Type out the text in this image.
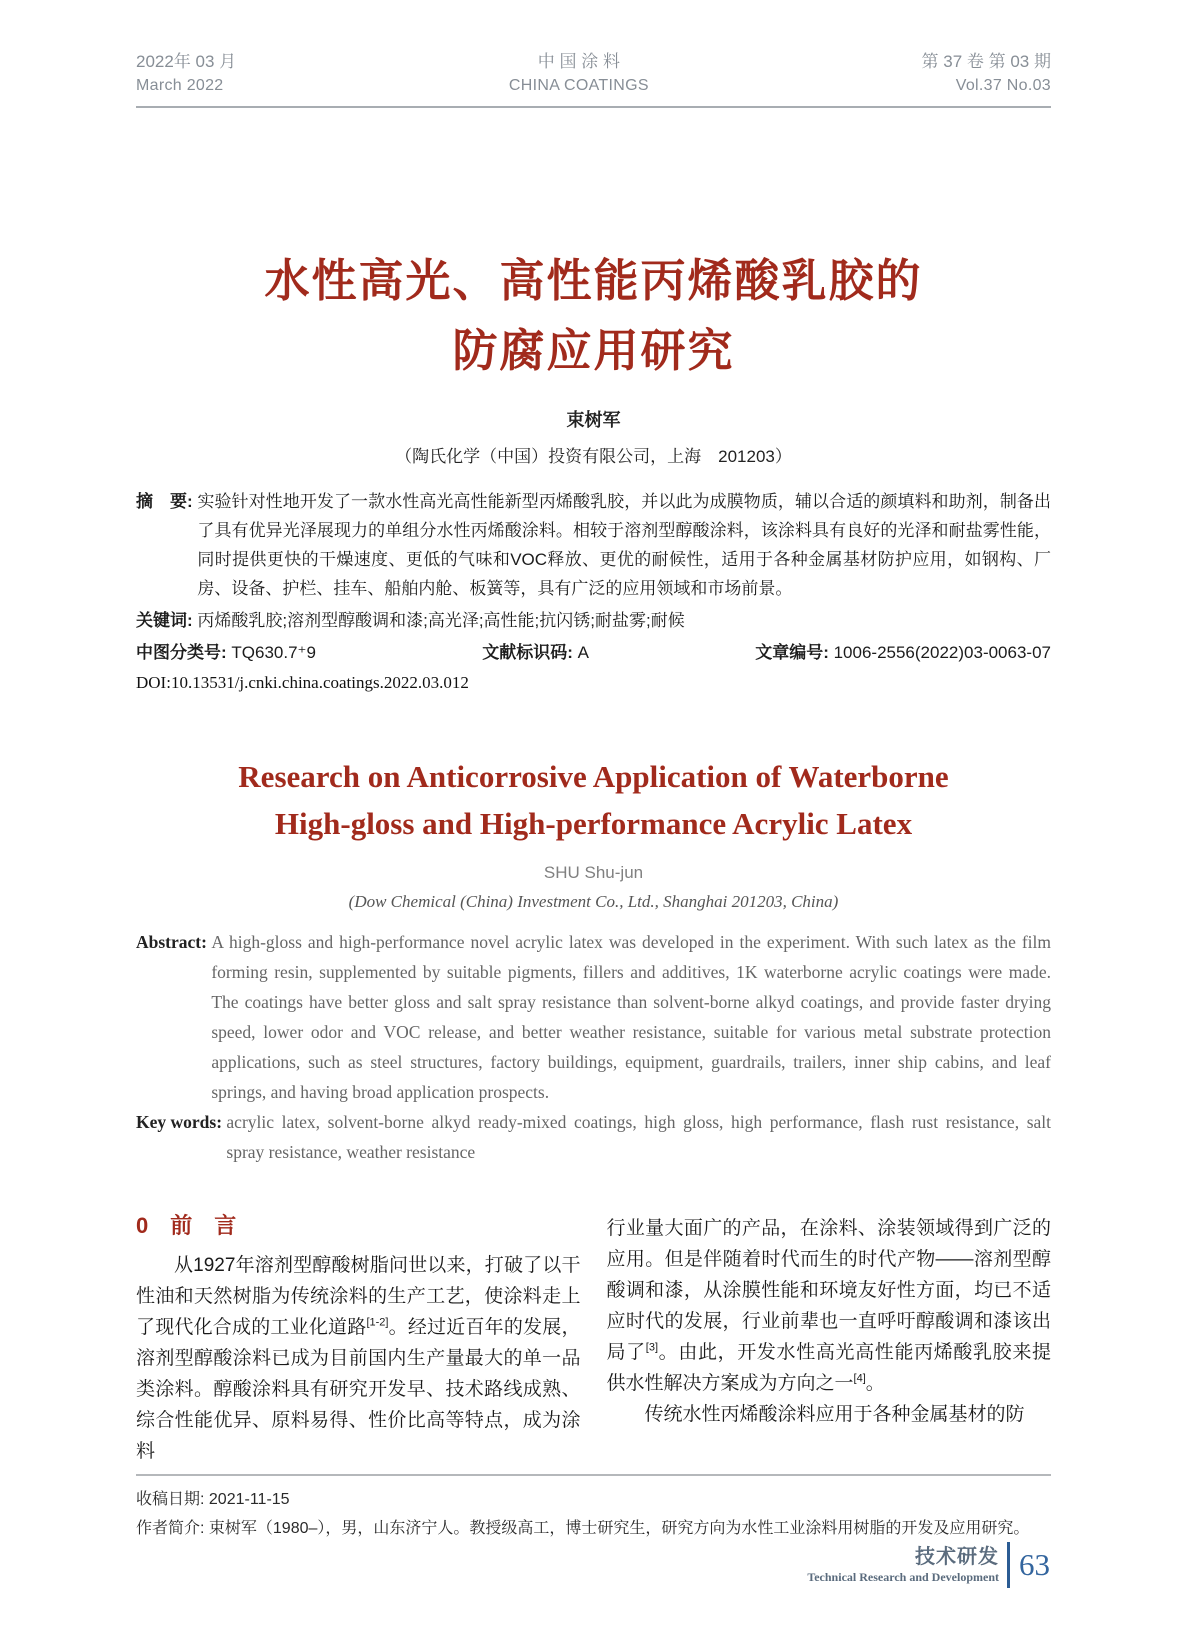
2022年 03 月
March 2022
中 国 涂 料
CHINA COATINGS
第 37 卷 第 03 期
Vol.37 No.03
水性高光、高性能丙烯酸乳胶的
防腐应用研究
束树军
（陶氏化学（中国）投资有限公司，上海　201203）
摘　要: 实验针对性地开发了一款水性高光高性能新型丙烯酸乳胶，并以此为成膜物质，辅以合适的颜填料和助剂，制备出了具有优异光泽展现力的单组分水性丙烯酸涂料。相较于溶剂型醇酸涂料，该涂料具有良好的光泽和耐盐雾性能，同时提供更快的干燥速度、更低的气味和VOC释放、更优的耐候性，适用于各种金属基材防护应用，如钢构、厂房、设备、护栏、挂车、船舶内舱、板簧等，具有广泛的应用领域和市场前景。
关键词: 丙烯酸乳胶;溶剂型醇酸调和漆;高光泽;高性能;抗闪锈;耐盐雾;耐候
中图分类号: TQ630.7⁺9	文献标识码: A	文章编号: 1006-2556(2022)03-0063-07
DOI:10.13531/j.cnki.china.coatings.2022.03.012
Research on Anticorrosive Application of Waterborne
High-gloss and High-performance Acrylic Latex
SHU Shu-jun
(Dow Chemical (China) Investment Co., Ltd., Shanghai 201203, China)
Abstract: A high-gloss and high-performance novel acrylic latex was developed in the experiment. With such latex as the film forming resin, supplemented by suitable pigments, fillers and additives, 1K waterborne acrylic coatings were made. The coatings have better gloss and salt spray resistance than solvent-borne alkyd coatings, and provide faster drying speed, lower odor and VOC release, and better weather resistance, suitable for various metal substrate protection applications, such as steel structures, factory buildings, equipment, guardrails, trailers, inner ship cabins, and leaf springs, and having broad application prospects.
Key words: acrylic latex, solvent-borne alkyd ready-mixed coatings, high gloss, high performance, flash rust resistance, salt spray resistance, weather resistance
0　前　言

从1927年溶剂型醇酸树脂问世以来，打破了以干性油和天然树脂为传统涂料的生产工艺，使涂料走上了现代化合成的工业化道路[1-2]。经过近百年的发展，溶剂型醇酸涂料已成为目前国内生产量最大的单一品类涂料。醇酸涂料具有研究开发早、技术路线成熟、综合性能优异、原料易得、性价比高等特点，成为涂料

行业量大面广的产品，在涂料、涂装领域得到广泛的应用。但是伴随着时代而生的时代产物——溶剂型醇酸调和漆，从涂膜性能和环境友好性方面，均已不适应时代的发展，行业前辈也一直呼吁醇酸调和漆该出局了[3]。由此，开发水性高光高性能丙烯酸乳胶来提供水性解决方案成为方向之一[4]。

传统水性丙烯酸涂料应用于各种金属基材的防

收稿日期: 2021-11-15
作者简介: 束树军（1980–），男，山东济宁人。教授级高工，博士研究生，研究方向为水性工业涂料用树脂的开发及应用研究。
技术研发
Technical Research and Development 63
